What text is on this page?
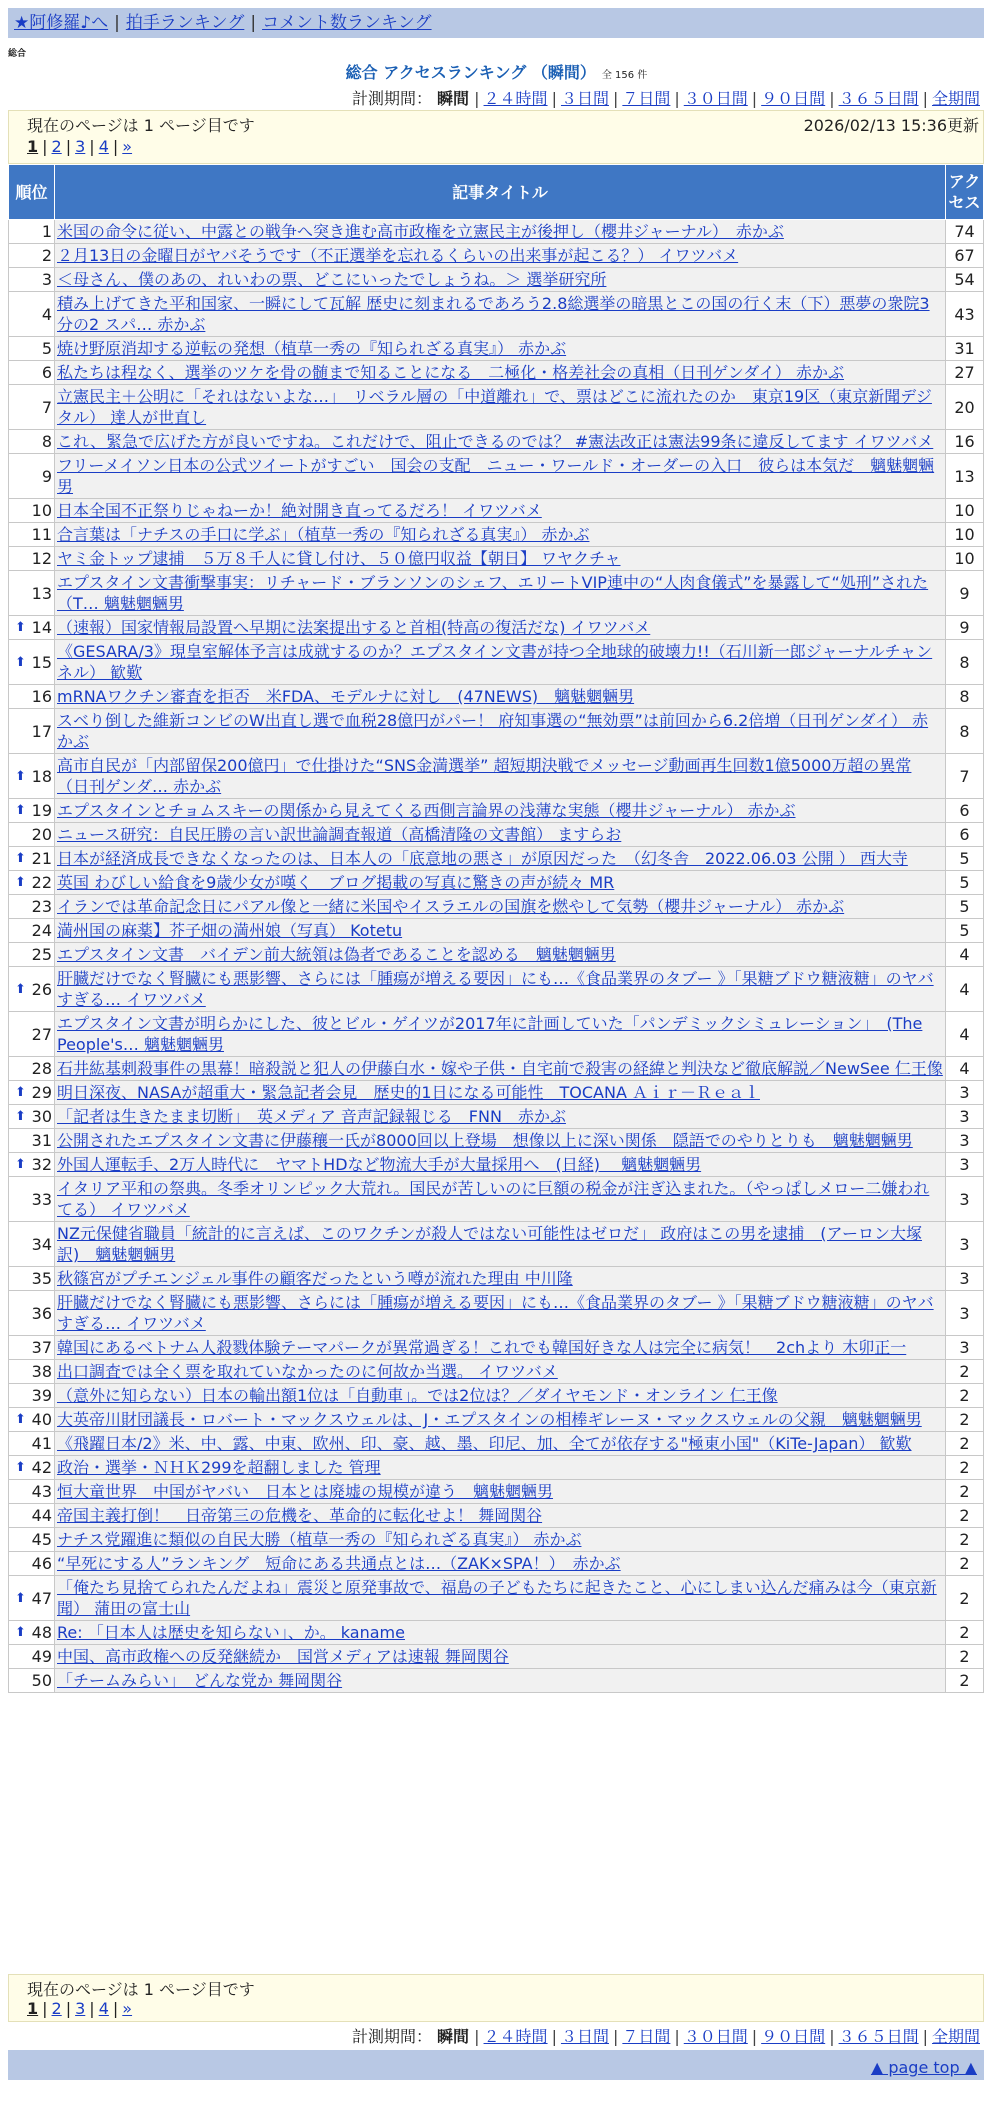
★阿修羅♪へ | 拍手ランキング | コメント数ランキング
総合
総合 アクセスランキング （瞬間） 全 156 件
計測期間： 瞬間 | ２４時間 | ３日間 | ７日間 | ３０日間 | ９０日間 | ３６５日間 | 全期間
現在のページは 1 ページ目です	2026/02/13 15:36更新
1 | 2 | 3 | 4 | »
順位	記事タイトル	アクセス
1	米国の命令に従い、中露との戦争へ突き進む高市政権を立憲民主が後押し（櫻井ジャーナル）　赤かぶ	74
2	２月13日の金曜日がヤバそうです（不正選挙を忘れるくらいの出来事が起こる？） イワツバメ	67
3	＜母さん、僕のあの、れいわの票、どこにいったでしょうね。＞ 選挙研究所	54
4	積み上げてきた平和国家、一瞬にして瓦解 歴史に刻まれるであろう2.8総選挙の暗黒とこの国の行く末（下）悪夢の衆院3分の2 スパ… 赤かぶ	43
5	焼け野原消却する逆転の発想（植草一秀の『知られざる真実』） 赤かぶ	31
6	私たちは程なく、選挙のツケを骨の髄まで知ることになる　二極化・格差社会の真相（日刊ゲンダイ） 赤かぶ	27
7	立憲民主＋公明に「それはないよな…」　リベラル層の「中道離れ」で、票はどこに流れたのか　東京19区（東京新聞デジタル） 達人が世直し	20
8	これ、緊急で広げた方が良いですね。これだけで、阻止できるのでは？ #憲法改正は憲法99条に違反してます イワツバメ	16
9	フリーメイソン日本の公式ツイートがすごい　国会の支配　ニュー・ワールド・オーダーの入口　彼らは本気だ　魑魅魍魎男	13
10	日本全国不正祭りじゃねーか！絶対開き直ってるだろ！ イワツバメ	10
11	合言葉は「ナチスの手口に学ぶ」（植草一秀の『知られざる真実』） 赤かぶ	10
12	ヤミ金トップ逮捕　５万８千人に貸し付け、５０億円収益【朝日】 ワヤクチャ	10
13	エプスタイン文書衝撃事実：リチャード・ブランソンのシェフ、エリートVIP連中の“人肉食儀式”を暴露して“処刑”された（T… 魑魅魍魎男	9

⬆ 14	（速報）国家情報局設置へ早期に法案提出すると首相(特高の復活だな) イワツバメ	9

⬆ 15	《GESARA/3》現皇室解体予言は成就するのか？エプスタイン文書が持つ全地球的破壊力!!（石川新一郎ジャーナルチャンネル） 歓歎	8
16	mRNAワクチン審査を拒否　米FDA、モデルナに対し　(47NEWS)　魑魅魍魎男	8
17	スベり倒した維新コンビのW出直し選で血税28億円がパー！ 府知事選の“無効票”は前回から6.2倍増（日刊ゲンダイ） 赤かぶ	8

⬆ 18	高市自民が「内部留保200億円」で仕掛けた“SNS金満選挙” 超短期決戦でメッセージ動画再生回数1億5000万超の異常（日刊ゲンダ… 赤かぶ	7

⬆ 19	エプスタインとチョムスキーの関係から見えてくる西側言論界の浅薄な実態（櫻井ジャーナル） 赤かぶ	6
20	ニュース研究：自民圧勝の言い訳世論調査報道（高橋清隆の文書館） ますらお	6

⬆ 21	日本が経済成長できなくなったのは、日本人の「底意地の悪さ」が原因だった　（幻冬舎　2022.06.03 公開 ） 西大寺	5

⬆ 22	英国 わびしい給食を9歳少女が嘆く　ブログ掲載の写真に驚きの声が続々 MR	5
23	イランでは革命記念日にパアル像と一緒に米国やイスラエルの国旗を燃やして気勢（櫻井ジャーナル） 赤かぶ	5
24	満州国の麻薬】芥子畑の満州娘（写真） Kotetu	5
25	エプスタイン文書　バイデン前大統領は偽者であることを認める　魑魅魍魎男	4

⬆ 26	肝臓だけでなく腎臓にも悪影響、さらには「腫瘍が増える要因」にも…《食品業界のタブー 》「果糖ブドウ糖液糖」のヤバすぎる… イワツバメ	4
27	エプスタイン文書が明らかにした、彼とビル・ゲイツが2017年に計画していた「パンデミックシミュレーション」　(The People's… 魑魅魍魎男	4
28	石井紘基刺殺事件の黒幕！暗殺説と犯人の伊藤白水・嫁や子供・自宅前で殺害の経緯と判決など徹底解説／NewSee 仁王像	4

⬆ 29	明日深夜、NASAが超重大・緊急記者会見　歴史的1日になる可能性　TOCANA Ａｉｒ－Ｒｅａｌ	3

⬆ 30	「記者は生きたまま切断」　英メディア 音声記録報じる　FNN　赤かぶ	3
31	公開されたエプスタイン文書に伊藤穰一氏が8000回以上登場　想像以上に深い関係　隠語でのやりとりも　魑魅魍魎男	3

⬆ 32	外国人運転手、2万人時代に　ヤマトHDなど物流大手が大量採用へ　(日経)　 魑魅魍魎男	3
33	イタリア平和の祭典。冬季オリンピック大荒れ。国民が苦しいのに巨額の税金が注ぎ込まれた。（やっぱしメロー二嫌われてる） イワツバメ	3
34	NZ元保健省職員「統計的に言えば、このワクチンが殺人ではない可能性はゼロだ」 政府はこの男を逮捕　(アーロン大塚訳)　魑魅魍魎男	3
35	秋篠宮がプチエンジェル事件の顧客だったという噂が流れた理由 中川隆	3
36	肝臓だけでなく腎臓にも悪影響、さらには「腫瘍が増える要因」にも…《食品業界のタブー 》「果糖ブドウ糖液糖」のヤバすぎる… イワツバメ	3
37	韓国にあるベトナム人殺戮体験テーマパークが異常過ぎる！これでも韓国好きな人は完全に病気！　2chより 木卯正一	3
38	出口調査では全く票を取れていなかったのに何故か当選。 イワツバメ	2
39	（意外に知らない）日本の輸出額1位は「自動車」。では2位は？／ダイヤモンド・オンライン 仁王像	2

⬆ 40	大英帝川財団議長・ロバート・マックスウェルは、J・エプスタインの相棒ギレーヌ・マックスウェルの父親　魑魅魍魎男	2
41	《飛躍日本/2》米、中、露、中東、欧州、印、豪、越、墨、印尼、加、全てが依存する"極東小国"（KiTe-Japan） 歓歎	2

⬆ 42	政治・選挙・ＮＨＫ299を超翻しました 管理	2
43	恒大童世界　中国がヤバい　日本とは廃墟の規模が違う　魑魅魍魎男	2
44	帝国主義打倒！　日帝第三の危機を、革命的に転化せよ！ 舞岡関谷	2
45	ナチス党躍進に類似の自民大勝（植草一秀の『知られざる真実』） 赤かぶ	2
46	“早死にする人”ランキング　短命にある共通点とは…（ZAK×SPA！）　赤かぶ	2

⬆ 47	「俺たち見捨てられたんだよね」震災と原発事故で、福島の子どもたちに起きたこと、心にしまい込んだ痛みは今（東京新聞） 蒲田の富士山	2

⬆ 48	Re: 「日本人は歴史を知らない」、か。 kaname	2
49	中国、高市政権への反発継続か　国営メディアは速報 舞岡関谷	2
50	「チームみらい」　どんな党か 舞岡関谷	2
現在のページは 1 ページ目です
1 | 2 | 3 | 4 | »
計測期間： 瞬間 | ２４時間 | ３日間 | ７日間 | ３０日間 | ９０日間 | ３６５日間 | 全期間
▲ page top ▲
